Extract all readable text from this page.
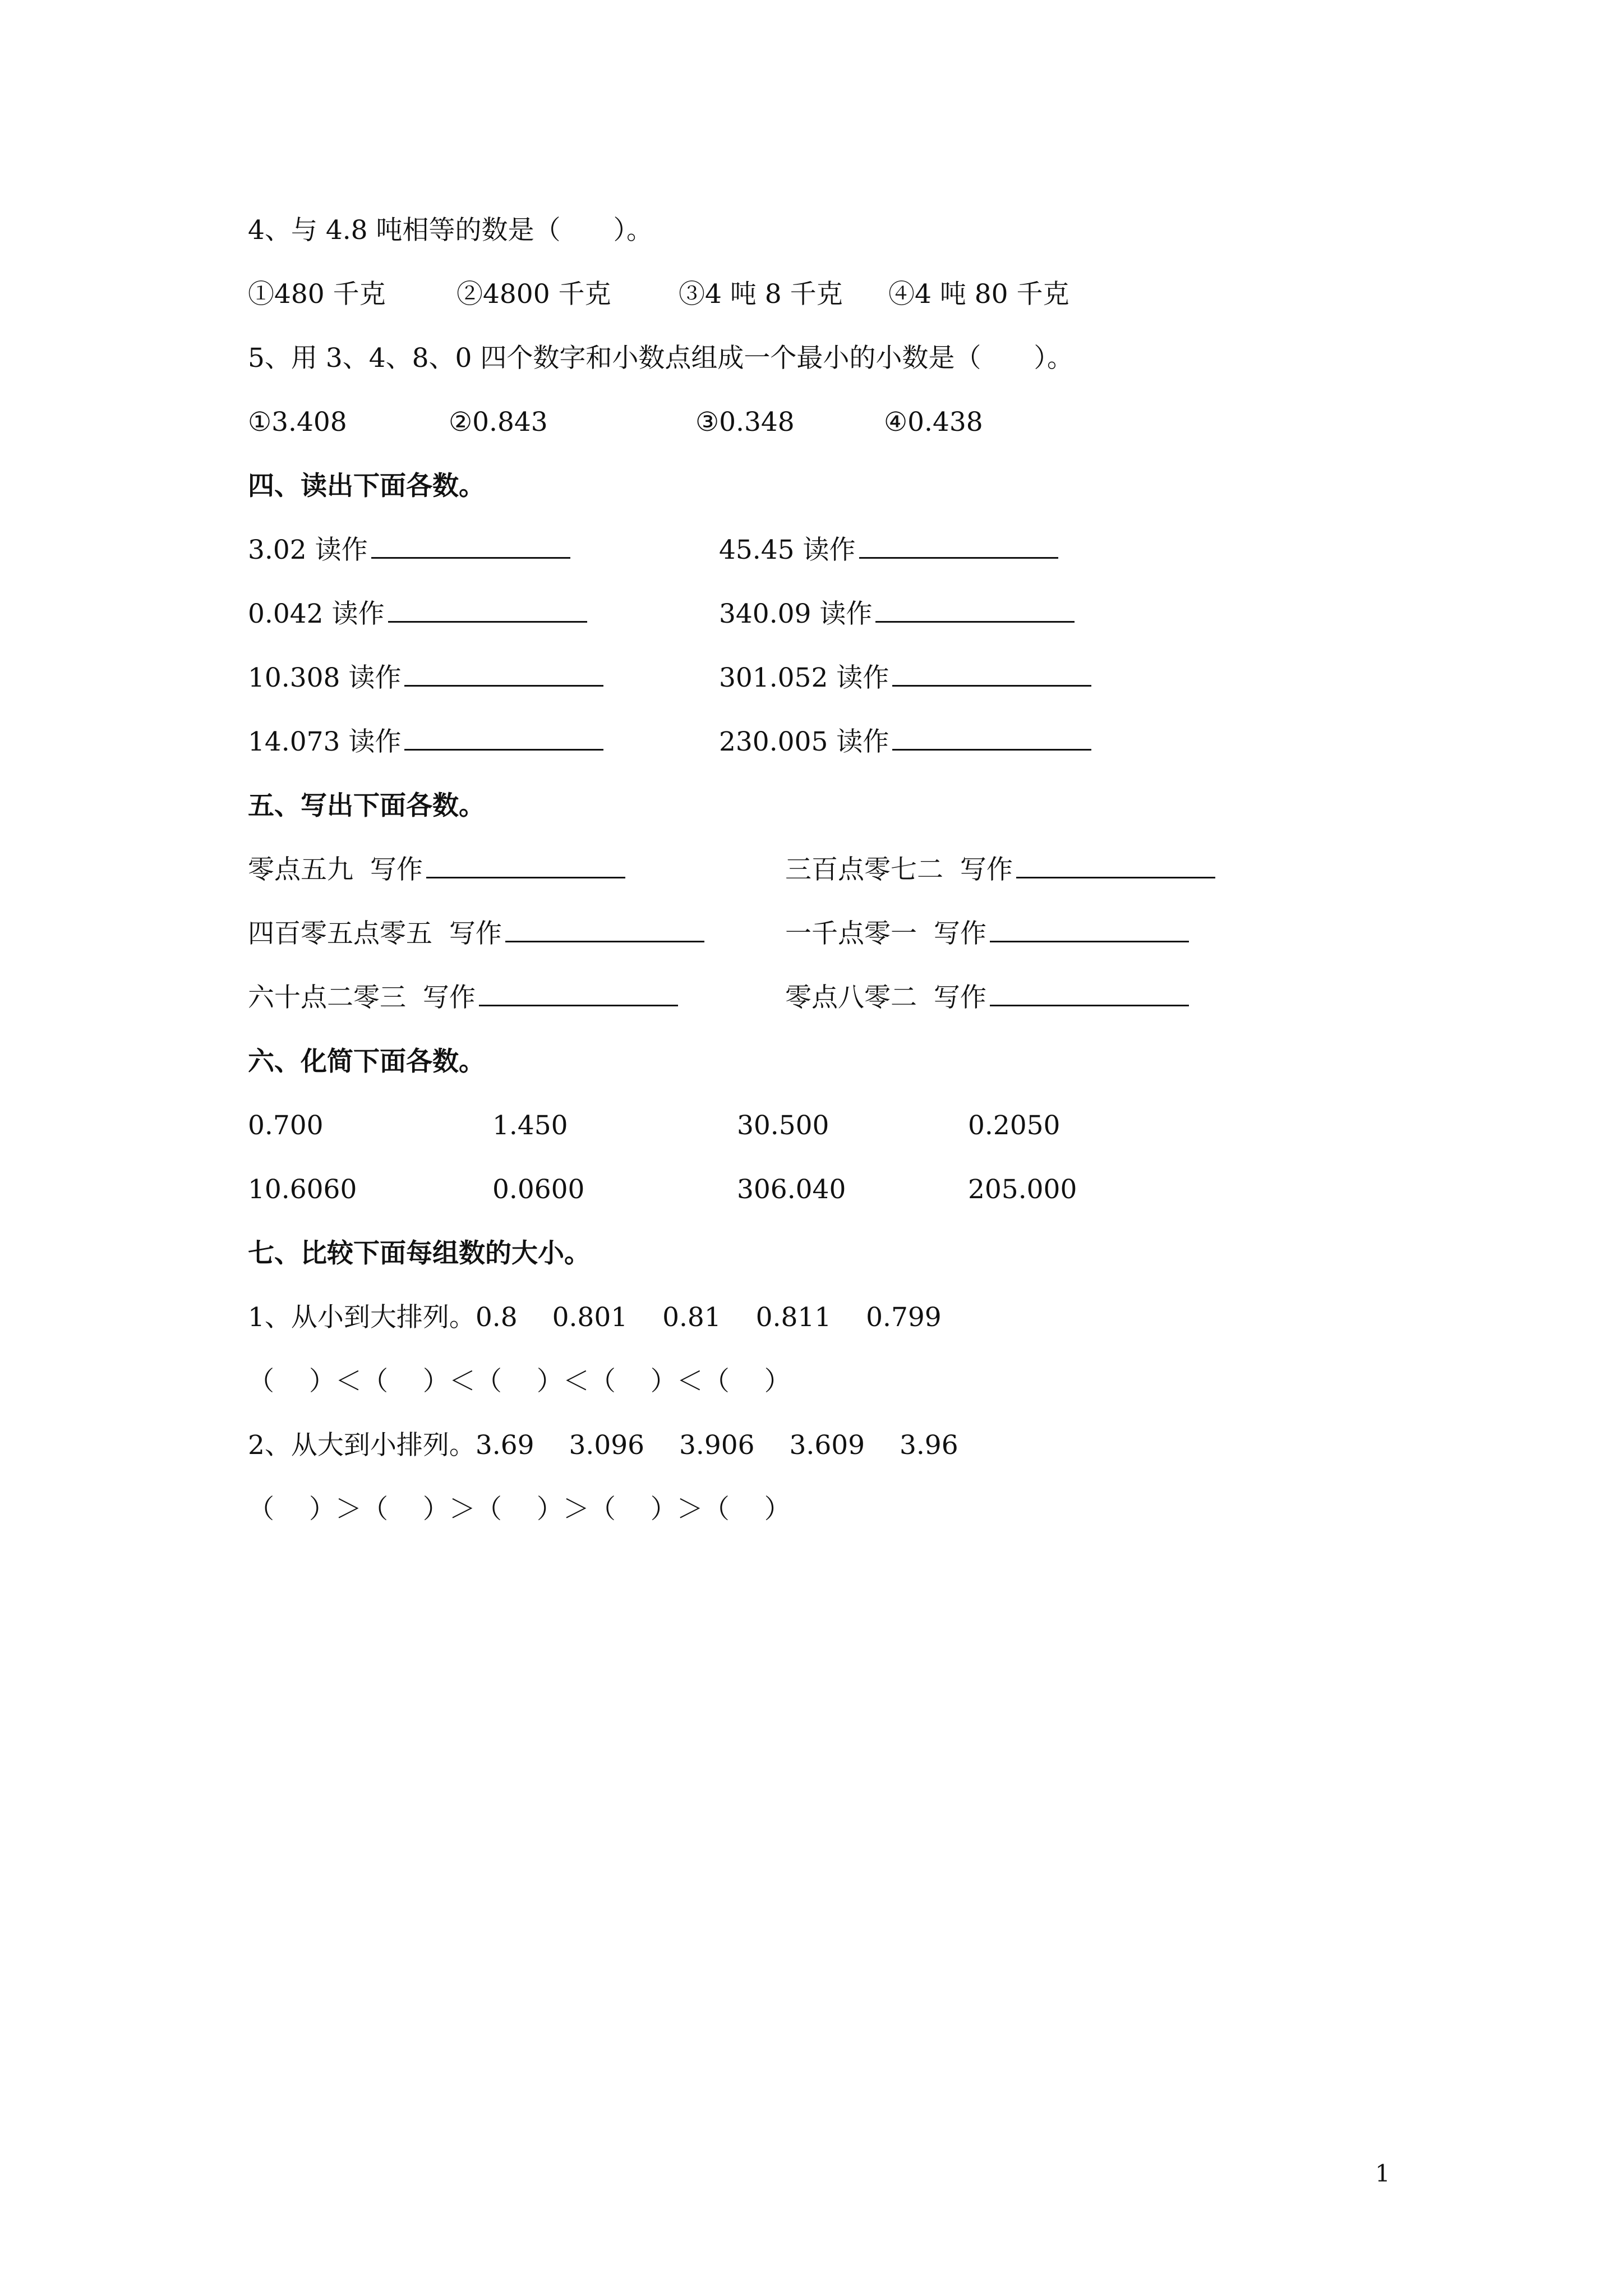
4、与 4.8 吨相等的数是（　　）。
①480 千克	②4800 千克	③4 吨 8 千克 ④4 吨 80 千克
5、用 3、4、8、0 四个数字和小数点组成一个最小的小数是（　　）。
①3.408	②0.843	③0.348	④0.438
四、读出下面各数。
3.02 读作	45.45 读作
0.042 读作	340.09 读作
10.308 读作	301.052 读作
14.073 读作	230.005 读作
五、写出下面各数。
零点五九  写作	三百点零七二  写作
四百零五点零五  写作	一千点零一  写作
六十点二零三  写作	零点八零二  写作
六、化简下面各数。
0.700	1.450	30.500	0.2050
10.6060	0.0600	306.040	205.000
七、比较下面每组数的大小。
1、从小到大排列。0.8　 0.801　 0.81　 0.811　 0.799
（　 ）＜（　 ）＜（　 ）＜（　 ）＜（　 ）
2、从大到小排列。3.69　 3.096　 3.906　 3.609　 3.96
（　 ）＞（　 ）＞（　 ）＞（　 ）＞（　 ）
1
